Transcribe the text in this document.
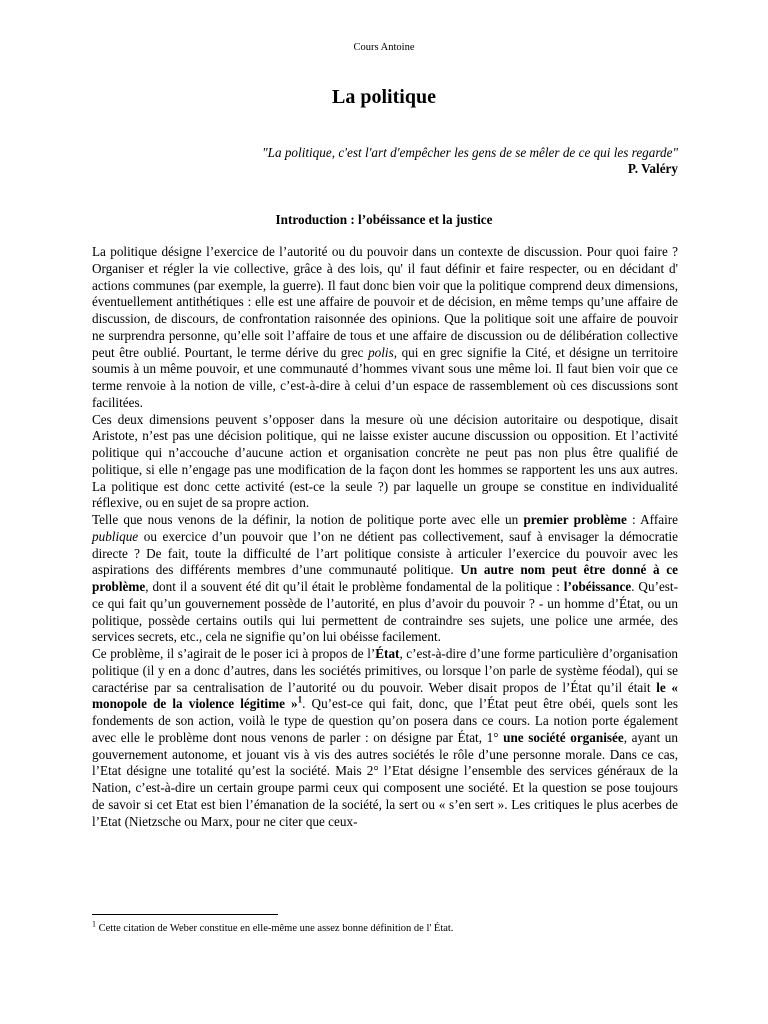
Cours Antoine
La politique
"La politique, c'est l'art d'empêcher les gens de se mêler de ce qui les regarde"
P. Valéry
Introduction : l’obéissance et la justice

La politique désigne l’exercice de l’autorité ou du pouvoir dans un contexte de discussion. Pour quoi faire ? Organiser et régler la vie collective, grâce à des lois, qu' il faut définir et faire respecter, ou en décidant d' actions communes (par exemple, la guerre). Il faut donc bien voir que la politique comprend deux dimensions, éventuellement antithétiques : elle est une affaire de pouvoir et de décision, en même temps qu’une affaire de discussion, de discours, de confrontation raisonnée des opinions. Que la politique soit une affaire de pouvoir ne surprendra personne, qu’elle soit l’affaire de tous et une affaire de discussion ou de délibération collective peut être oublié. Pourtant, le terme dérive du grec polis, qui en grec signifie la Cité, et désigne un territoire soumis à un même pouvoir, et une communauté d’hommes vivant sous une même loi. Il faut bien voir que ce terme renvoie à la notion de ville, c’est-à-dire à celui d’un espace de rassemblement où ces discussions sont facilitées.

Ces deux dimensions peuvent s’opposer dans la mesure où une décision autoritaire ou despotique, disait Aristote, n’est pas une décision politique, qui ne laisse exister aucune discussion ou opposition. Et l’activité politique qui n’accouche d’aucune action et organisation concrète ne peut pas non plus être qualifié de politique, si elle n’engage pas une modification de la façon dont les hommes se rapportent les uns aux autres. La politique est donc cette activité (est-ce la seule ?) par laquelle un groupe se constitue en individualité réflexive, ou en sujet de sa propre action.

Telle que nous venons de la définir, la notion de politique porte avec elle un premier problème : Affaire publique ou exercice d’un pouvoir que l’on ne détient pas collectivement, sauf à envisager la démocratie directe ? De fait, toute la difficulté de l’art politique consiste à articuler l’exercice du pouvoir avec les aspirations des différents membres d’une communauté politique. Un autre nom peut être donné à ce problème, dont il a souvent été dit qu’il était le problème fondamental de la politique : l’obéissance. Qu’est-ce qui fait qu’un gouvernement possède de l’autorité, en plus d’avoir du pouvoir ? - un homme d’État, ou un politique, possède certains outils qui lui permettent de contraindre ses sujets, une police une armée, des services secrets, etc., cela ne signifie qu’on lui obéisse facilement.

Ce problème, il s’agirait de le poser ici à propos de l’État, c’est-à-dire d’une forme particulière d’organisation politique (il y en a donc d’autres, dans les sociétés primitives, ou lorsque l’on parle de système féodal), qui se caractérise par sa centralisation de l’autorité ou du pouvoir. Weber disait propos de l’État qu’il était le « monopole de la violence légitime »$^1$. Qu’est-ce qui fait, donc, que l’État peut être obéi, quels sont les fondements de son action, voilà le type de question qu’on posera dans ce cours. La notion porte également avec elle le problème dont nous venons de parler : on désigne par État, 1° une société organisée, ayant un gouvernement autonome, et jouant vis à vis des autres sociétés le rôle d’une personne morale. Dans ce cas, l’Etat désigne une totalité qu’est la société. Mais 2° l’Etat désigne l’ensemble des services généraux de la Nation, c’est-à-dire un certain groupe parmi ceux qui composent une société. Et la question se pose toujours de savoir si cet Etat est bien l’émanation de la société, la sert ou « s’en sert ». Les critiques le plus acerbes de l’Etat (Nietzsche ou Marx, pour ne citer que ceux-

$^1$ Cette citation de Weber constitue en elle-même une assez bonne définition de l' État.
